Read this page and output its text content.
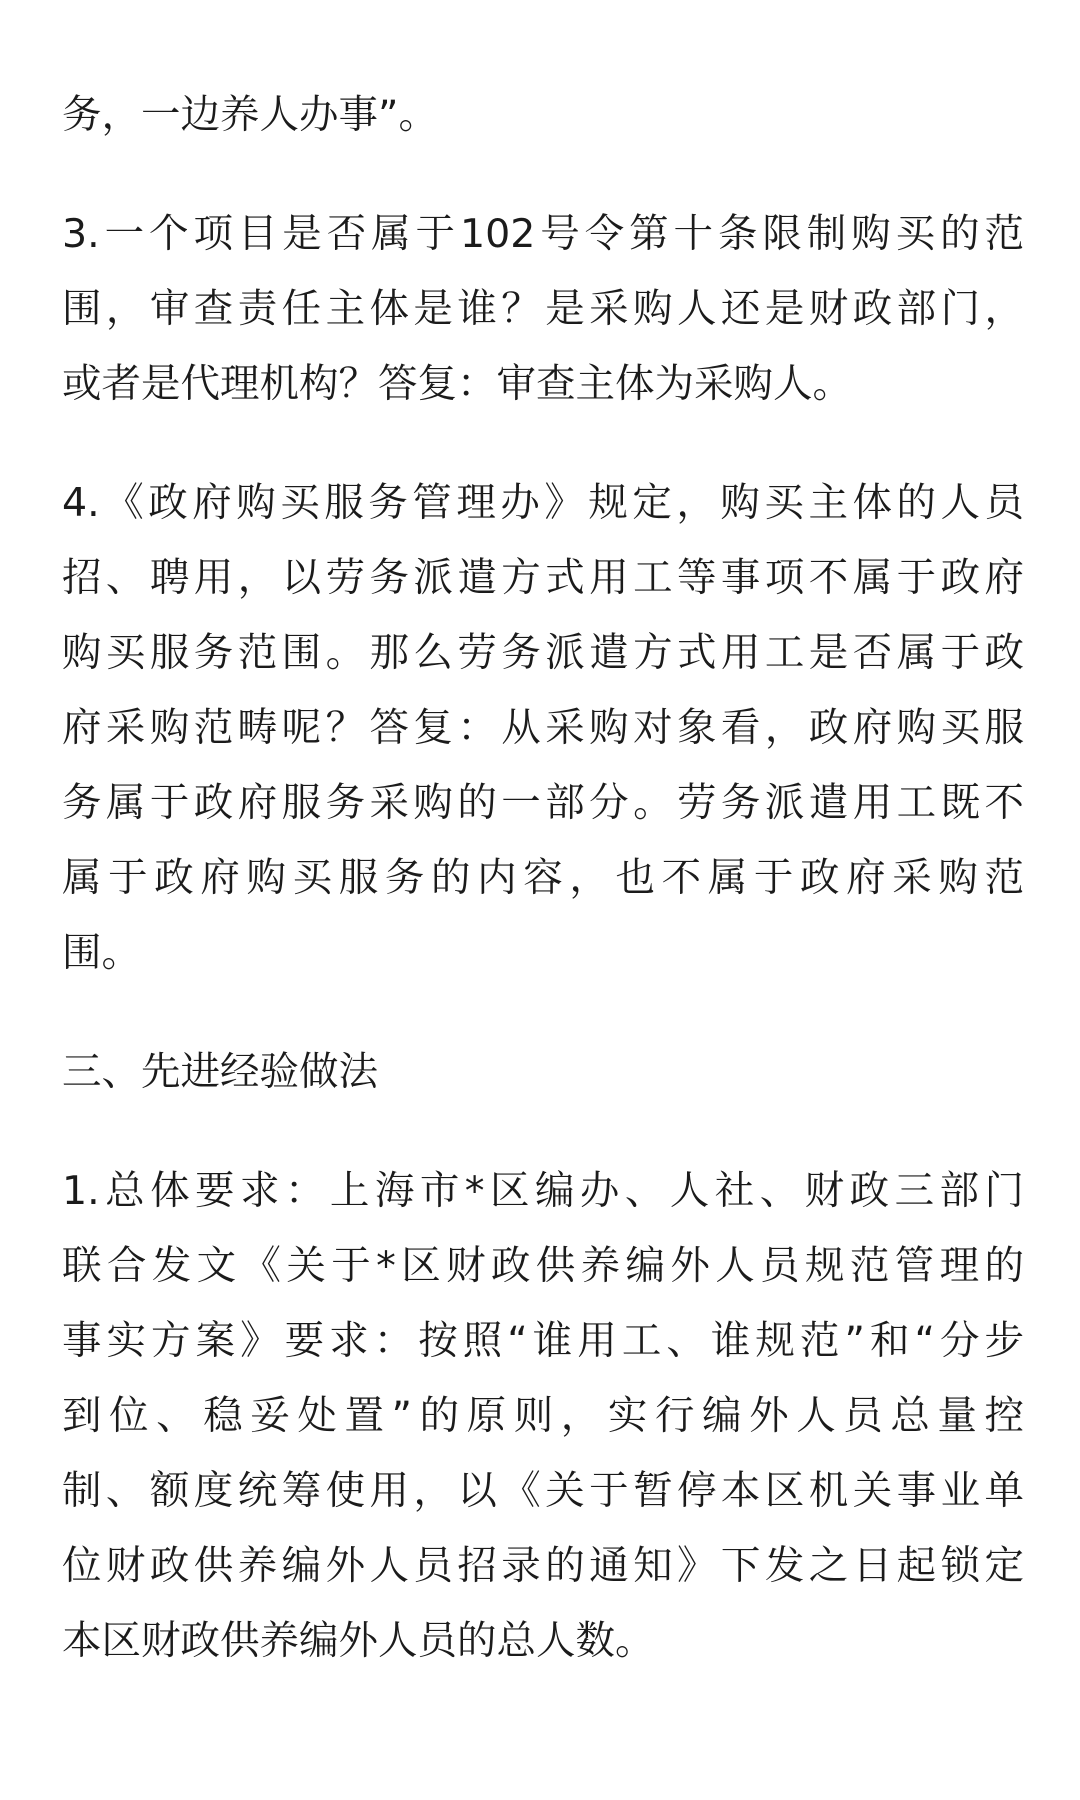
务，一边养人办事”。

3.一个项目是否属于102号令第十条限制购买的范
围，审查责任主体是谁？是采购人还是财政部门，
或者是代理机构？答复：审查主体为采购人。

4.《政府购买服务管理办》规定，购买主体的人员
招、聘用，以劳务派遣方式用工等事项不属于政府
购买服务范围。那么劳务派遣方式用工是否属于政
府采购范畴呢？答复：从采购对象看，政府购买服
务属于政府服务采购的一部分。劳务派遣用工既不
属于政府购买服务的内容，也不属于政府采购范
围。

三、先进经验做法

1.总体要求：上海市*区编办、人社、财政三部门
联合发文《关于*区财政供养编外人员规范管理的
事实方案》要求：按照“谁用工、谁规范”和“分步
到位、稳妥处置”的原则，实行编外人员总量控
制、额度统筹使用，以《关于暂停本区机关事业单
位财政供养编外人员招录的通知》下发之日起锁定
本区财政供养编外人员的总人数。
